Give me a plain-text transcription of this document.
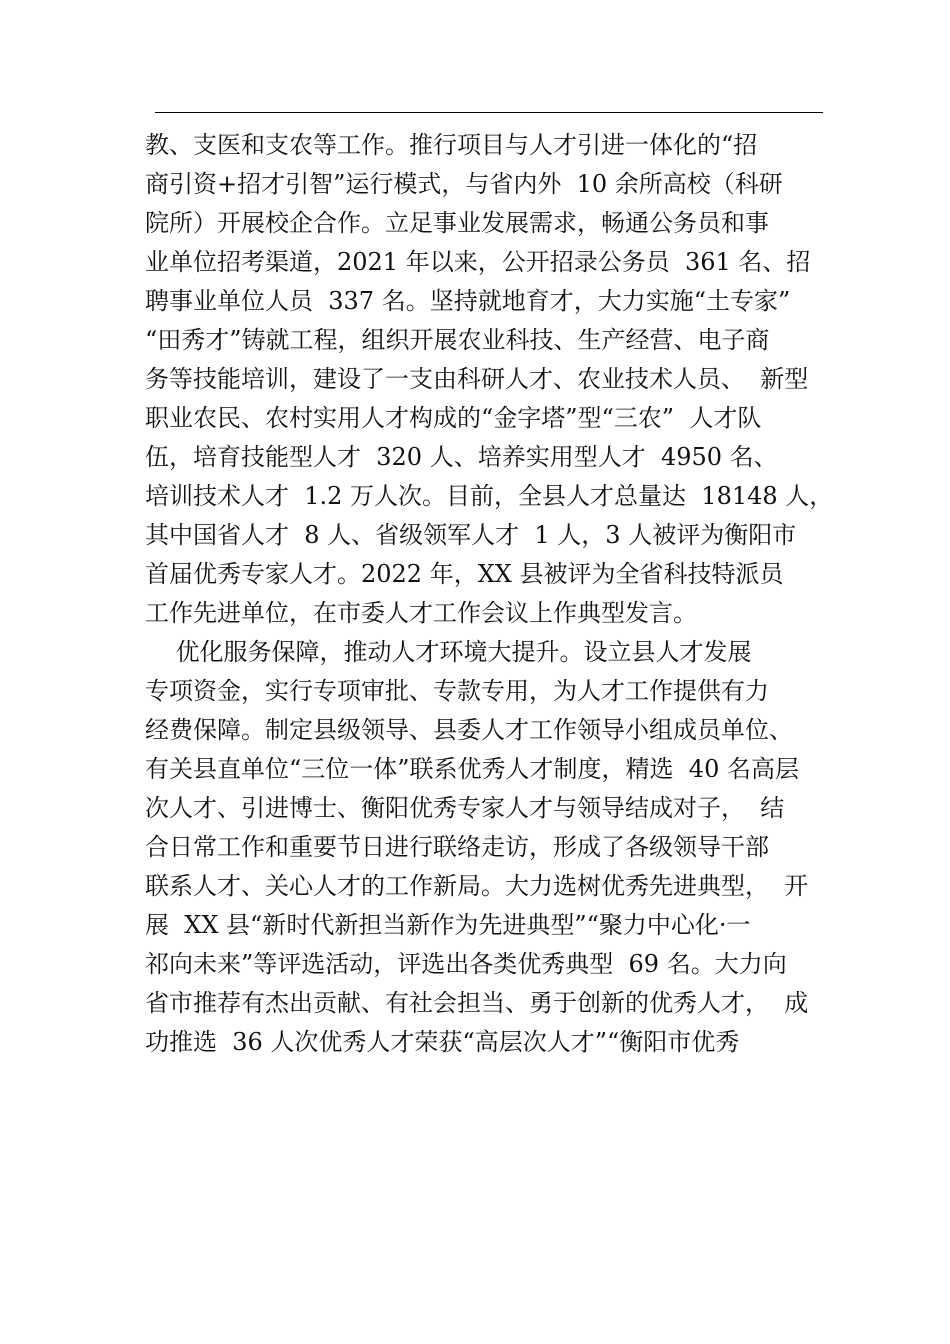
教、支医和支农等工作。推行项目与人才引进一体化的“招
商引资+招才引智”运行模式，与省内外  10 余所高校（科研
院所）开展校企合作。立足事业发展需求，畅通公务员和事
业单位招考渠道，2021 年以来，公开招录公务员  361 名、招
聘事业单位人员  337 名。坚持就地育才，大力实施“土专家”
“田秀才”铸就工程，组织开展农业科技、生产经营、电子商
务等技能培训，建设了一支由科研人才、农业技术人员、  新型
职业农民、农村实用人才构成的“金字塔”型“三农”  人才队
伍，培育技能型人才  320 人、培养实用型人才  4950 名、
培训技术人才  1.2 万人次。目前，全县人才总量达  18148 人，
其中国省人才  8 人、省级领军人才  1 人，3 人被评为衡阳市
首届优秀专家人才。2022 年，XX 县被评为全省科技特派员
工作先进单位，在市委人才工作会议上作典型发言。
优化服务保障，推动人才环境大提升。设立县人才发展
专项资金，实行专项审批、专款专用，为人才工作提供有力
经费保障。制定县级领导、县委人才工作领导小组成员单位、
有关县直单位“三位一体”联系优秀人才制度，精选  40 名高层
次人才、引进博士、衡阳优秀专家人才与领导结成对子，  结
合日常工作和重要节日进行联络走访，形成了各级领导干部
联系人才、关心人才的工作新局。大力选树优秀先进典型，  开
展  XX 县“新时代新担当新作为先进典型”“聚力中心化·一
祁向未来”等评选活动，评选出各类优秀典型  69 名。大力向
省市推荐有杰出贡献、有社会担当、勇于创新的优秀人才，  成
功推选  36 人次优秀人才荣获“高层次人才”“衡阳市优秀
